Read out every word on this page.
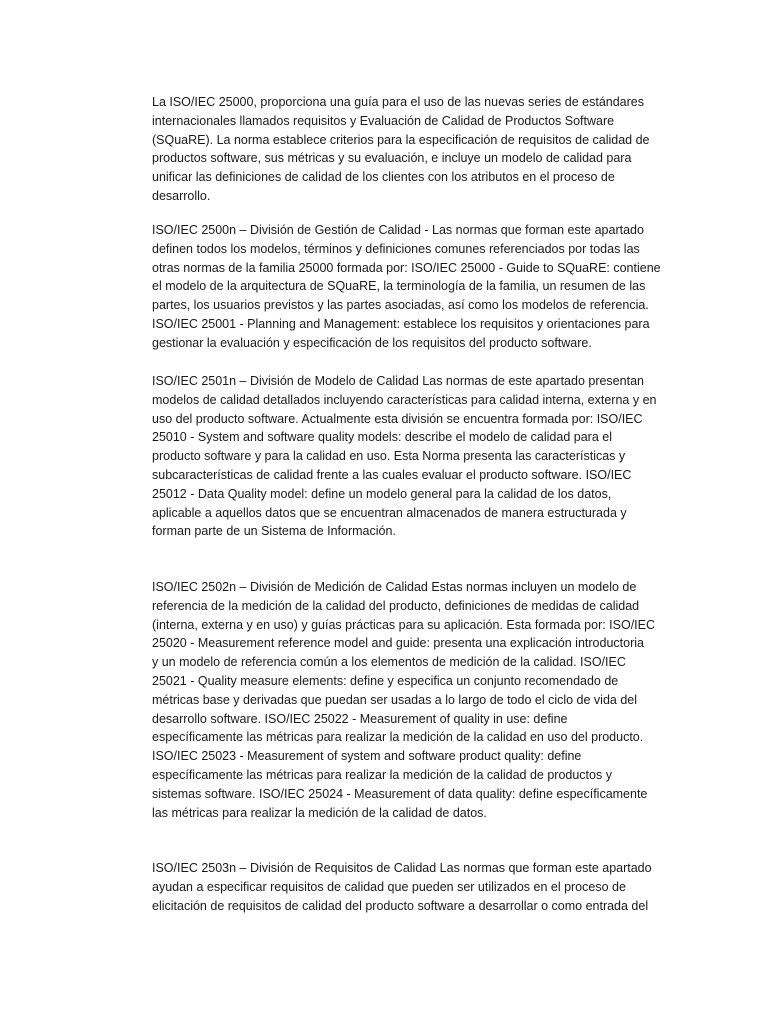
La ISO/IEC 25000, proporciona una guía para el uso de las nuevas series de estándares
internacionales llamados requisitos y Evaluación de Calidad de Productos Software
(SQuaRE). La norma establece criterios para la especificación de requisitos de calidad de
productos software, sus métricas y su evaluación, e incluye un modelo de calidad para
unificar las definiciones de calidad de los clientes con los atributos en el proceso de
desarrollo.

ISO/IEC 2500n – División de Gestión de Calidad - Las normas que forman este apartado
definen todos los modelos, términos y definiciones comunes referenciados por todas las
otras normas de la familia 25000 formada por: ISO/IEC 25000 - Guide to SQuaRE: contiene
el modelo de la arquitectura de SQuaRE, la terminología de la familia, un resumen de las
partes, los usuarios previstos y las partes asociadas, así como los modelos de referencia.
ISO/IEC 25001 - Planning and Management: establece los requisitos y orientaciones para
gestionar la evaluación y especificación de los requisitos del producto software.

ISO/IEC 2501n – División de Modelo de Calidad Las normas de este apartado presentan
modelos de calidad detallados incluyendo características para calidad interna, externa y en
uso del producto software. Actualmente esta división se encuentra formada por: ISO/IEC
25010 - System and software quality models: describe el modelo de calidad para el
producto software y para la calidad en uso. Esta Norma presenta las características y
subcaracterísticas de calidad frente a las cuales evaluar el producto software. ISO/IEC
25012 - Data Quality model: define un modelo general para la calidad de los datos,
aplicable a aquellos datos que se encuentran almacenados de manera estructurada y
forman parte de un Sistema de Información.

ISO/IEC 2502n – División de Medición de Calidad Estas normas incluyen un modelo de
referencia de la medición de la calidad del producto, definiciones de medidas de calidad
(interna, externa y en uso) y guías prácticas para su aplicación. Esta formada por: ISO/IEC
25020 - Measurement reference model and guide: presenta una explicación introductoria
y un modelo de referencia común a los elementos de medición de la calidad. ISO/IEC
25021 - Quality measure elements: define y especifica un conjunto recomendado de
métricas base y derivadas que puedan ser usadas a lo largo de todo el ciclo de vida del
desarrollo software. ISO/IEC 25022 - Measurement of quality in use: define
específicamente las métricas para realizar la medición de la calidad en uso del producto.
ISO/IEC 25023 - Measurement of system and software product quality: define
específicamente las métricas para realizar la medición de la calidad de productos y
sistemas software. ISO/IEC 25024 - Measurement of data quality: define específicamente
las métricas para realizar la medición de la calidad de datos.

ISO/IEC 2503n – División de Requisitos de Calidad Las normas que forman este apartado
ayudan a especificar requisitos de calidad que pueden ser utilizados en el proceso de
elicitación de requisitos de calidad del producto software a desarrollar o como entrada del
